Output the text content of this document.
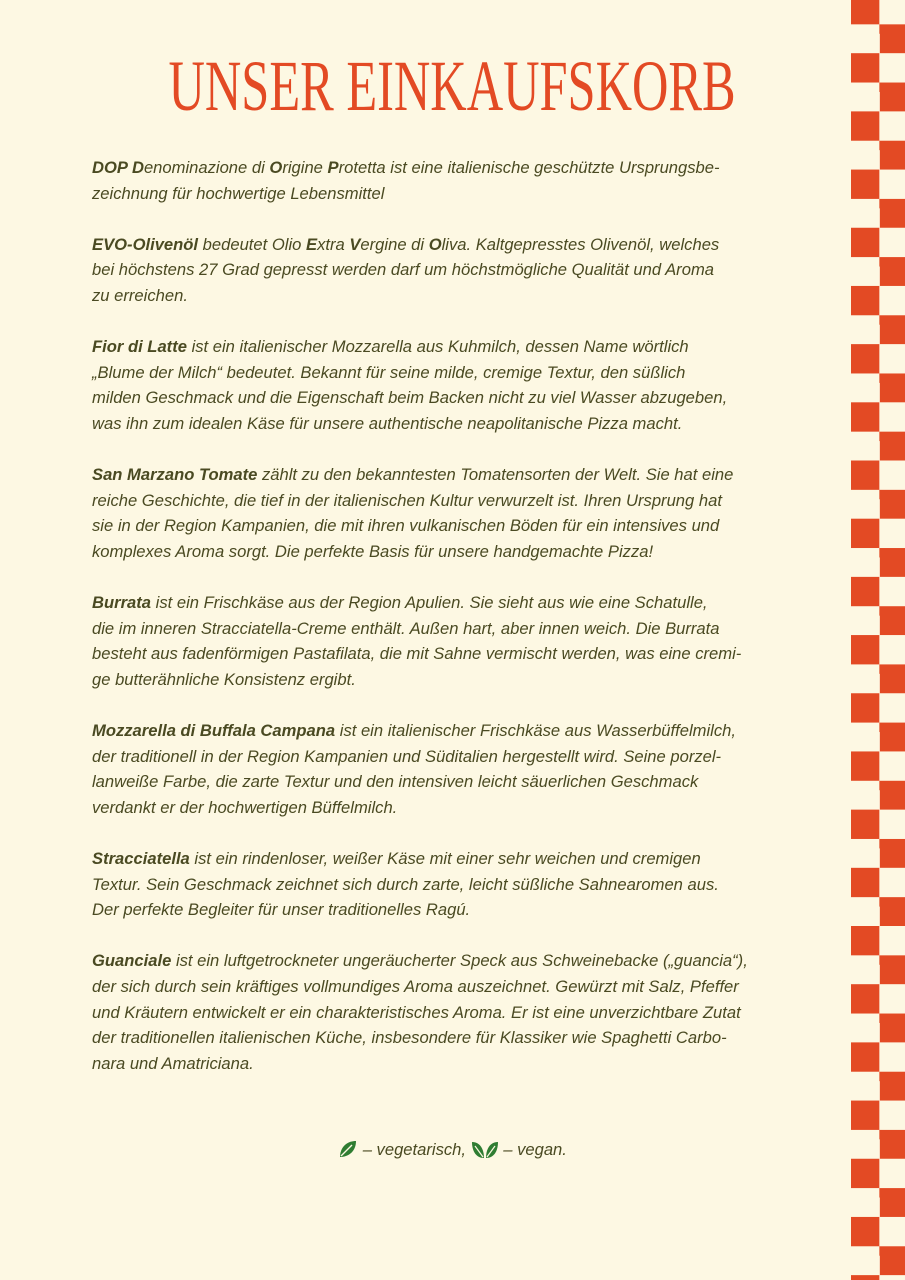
UNSER EINKAUFSKORB

DOP Denominazione di Origine Protetta ist eine italienische geschützte Ursprungsbe-
zeichnung für hochwertige Lebensmittel

EVO-Olivenöl bedeutet Olio Extra Vergine di Oliva. Kaltgepresstes Olivenöl, welches
bei höchstens 27 Grad gepresst werden darf um höchstmögliche Qualität und Aroma
zu erreichen.

Fior di Latte ist ein italienischer Mozzarella aus Kuhmilch, dessen Name wörtlich
„Blume der Milch“ bedeutet. Bekannt für seine milde, cremige Textur, den süßlich
milden Geschmack und die Eigenschaft beim Backen nicht zu viel Wasser abzugeben,
was ihn zum idealen Käse für unsere authentische neapolitanische Pizza macht.

San Marzano Tomate zählt zu den bekanntesten Tomatensorten der Welt. Sie hat eine
reiche Geschichte, die tief in der italienischen Kultur verwurzelt ist. Ihren Ursprung hat
sie in der Region Kampanien, die mit ihren vulkanischen Böden für ein intensives und
komplexes Aroma sorgt. Die perfekte Basis für unsere handgemachte Pizza!

Burrata ist ein Frischkäse aus der Region Apulien. Sie sieht aus wie eine Schatulle,
die im inneren Stracciatella-Creme enthält. Außen hart, aber innen weich. Die Burrata
besteht aus fadenförmigen Pastafilata, die mit Sahne vermischt werden, was eine cremi-
ge butterähnliche Konsistenz ergibt.

Mozzarella di Buffala Campana ist ein italienischer Frischkäse aus Wasserbüffelmilch,
der traditionell in der Region Kampanien und Süditalien hergestellt wird. Seine porzel-
lanweiße Farbe, die zarte Textur und den intensiven leicht säuerlichen Geschmack
verdankt er der hochwertigen Büffelmilch.

Stracciatella ist ein rindenloser, weißer Käse mit einer sehr weichen und cremigen
Textur. Sein Geschmack zeichnet sich durch zarte, leicht süßliche Sahnearomen aus.
Der perfekte Begleiter für unser traditionelles Ragú.

Guanciale ist ein luftgetrockneter ungeräucherter Speck aus Schweinebacke („guancia“),
der sich durch sein kräftiges vollmundiges Aroma auszeichnet. Gewürzt mit Salz, Pfeffer
und Kräutern entwickelt er ein charakteristisches Aroma. Er ist eine unverzichtbare Zutat
der traditionellen italienischen Küche, insbesondere für Klassiker wie Spaghetti Carbo-
nara und Amatriciana.

– vegetarisch,  – vegan.
